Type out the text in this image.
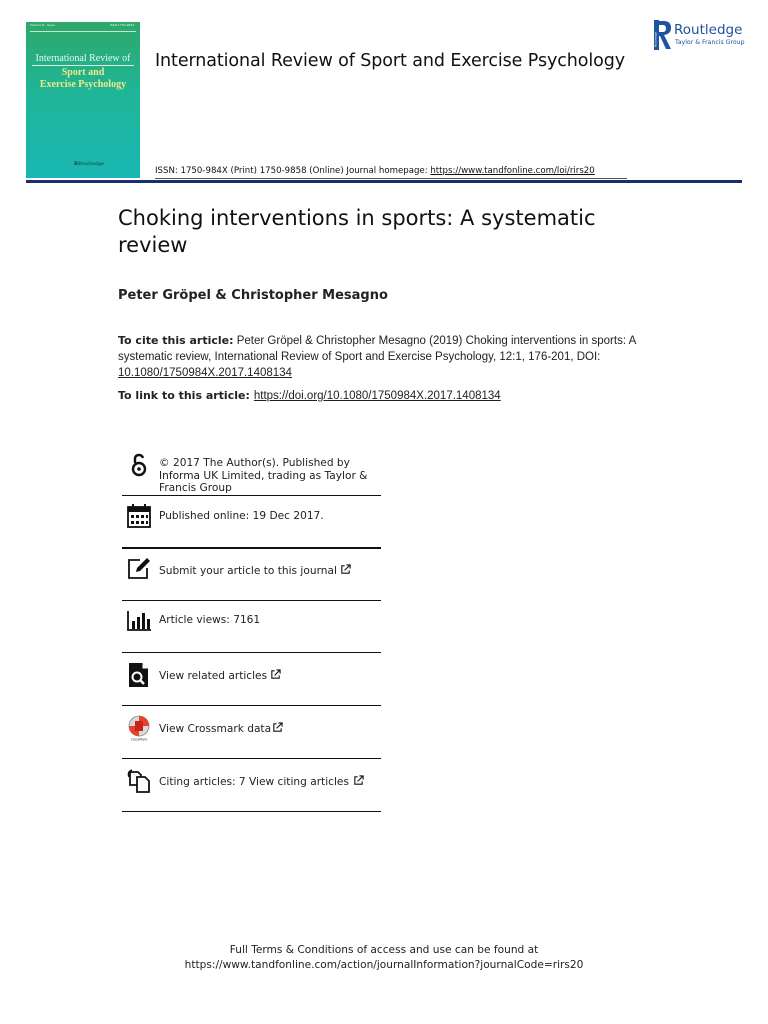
Volume 8 · Issue	ISSN 1750-984X
International Review of
Sport and
Exercise Psychology
RRoutledge
International Review of Sport and Exercise Psychology
ISSN: 1750-984X (Print) 1750-9858 (Online) Journal homepage: https://www.tandfonline.com/loi/rirs20
Routledge
Routledge
Taylor & Francis Group
Choking interventions in sports: A systematic review
Peter Gröpel & Christopher Mesagno
To cite this article: Peter Gröpel & Christopher Mesagno (2019) Choking interventions in sports: A systematic review, International Review of Sport and Exercise Psychology, 12:1, 176-201, DOI: 10.1080/1750984X.2017.1408134
To link to this article: https://doi.org/10.1080/1750984X.2017.1408134
© 2017 The Author(s). Published by Informa UK Limited, trading as Taylor & Francis Group
Published online: 19 Dec 2017.
Submit your article to this journal
Article views: 7161
View related articles
CrossMark
View Crossmark data
Citing articles: 7 View citing articles
Full Terms & Conditions of access and use can be found at
https://www.tandfonline.com/action/journalInformation?journalCode=rirs20
